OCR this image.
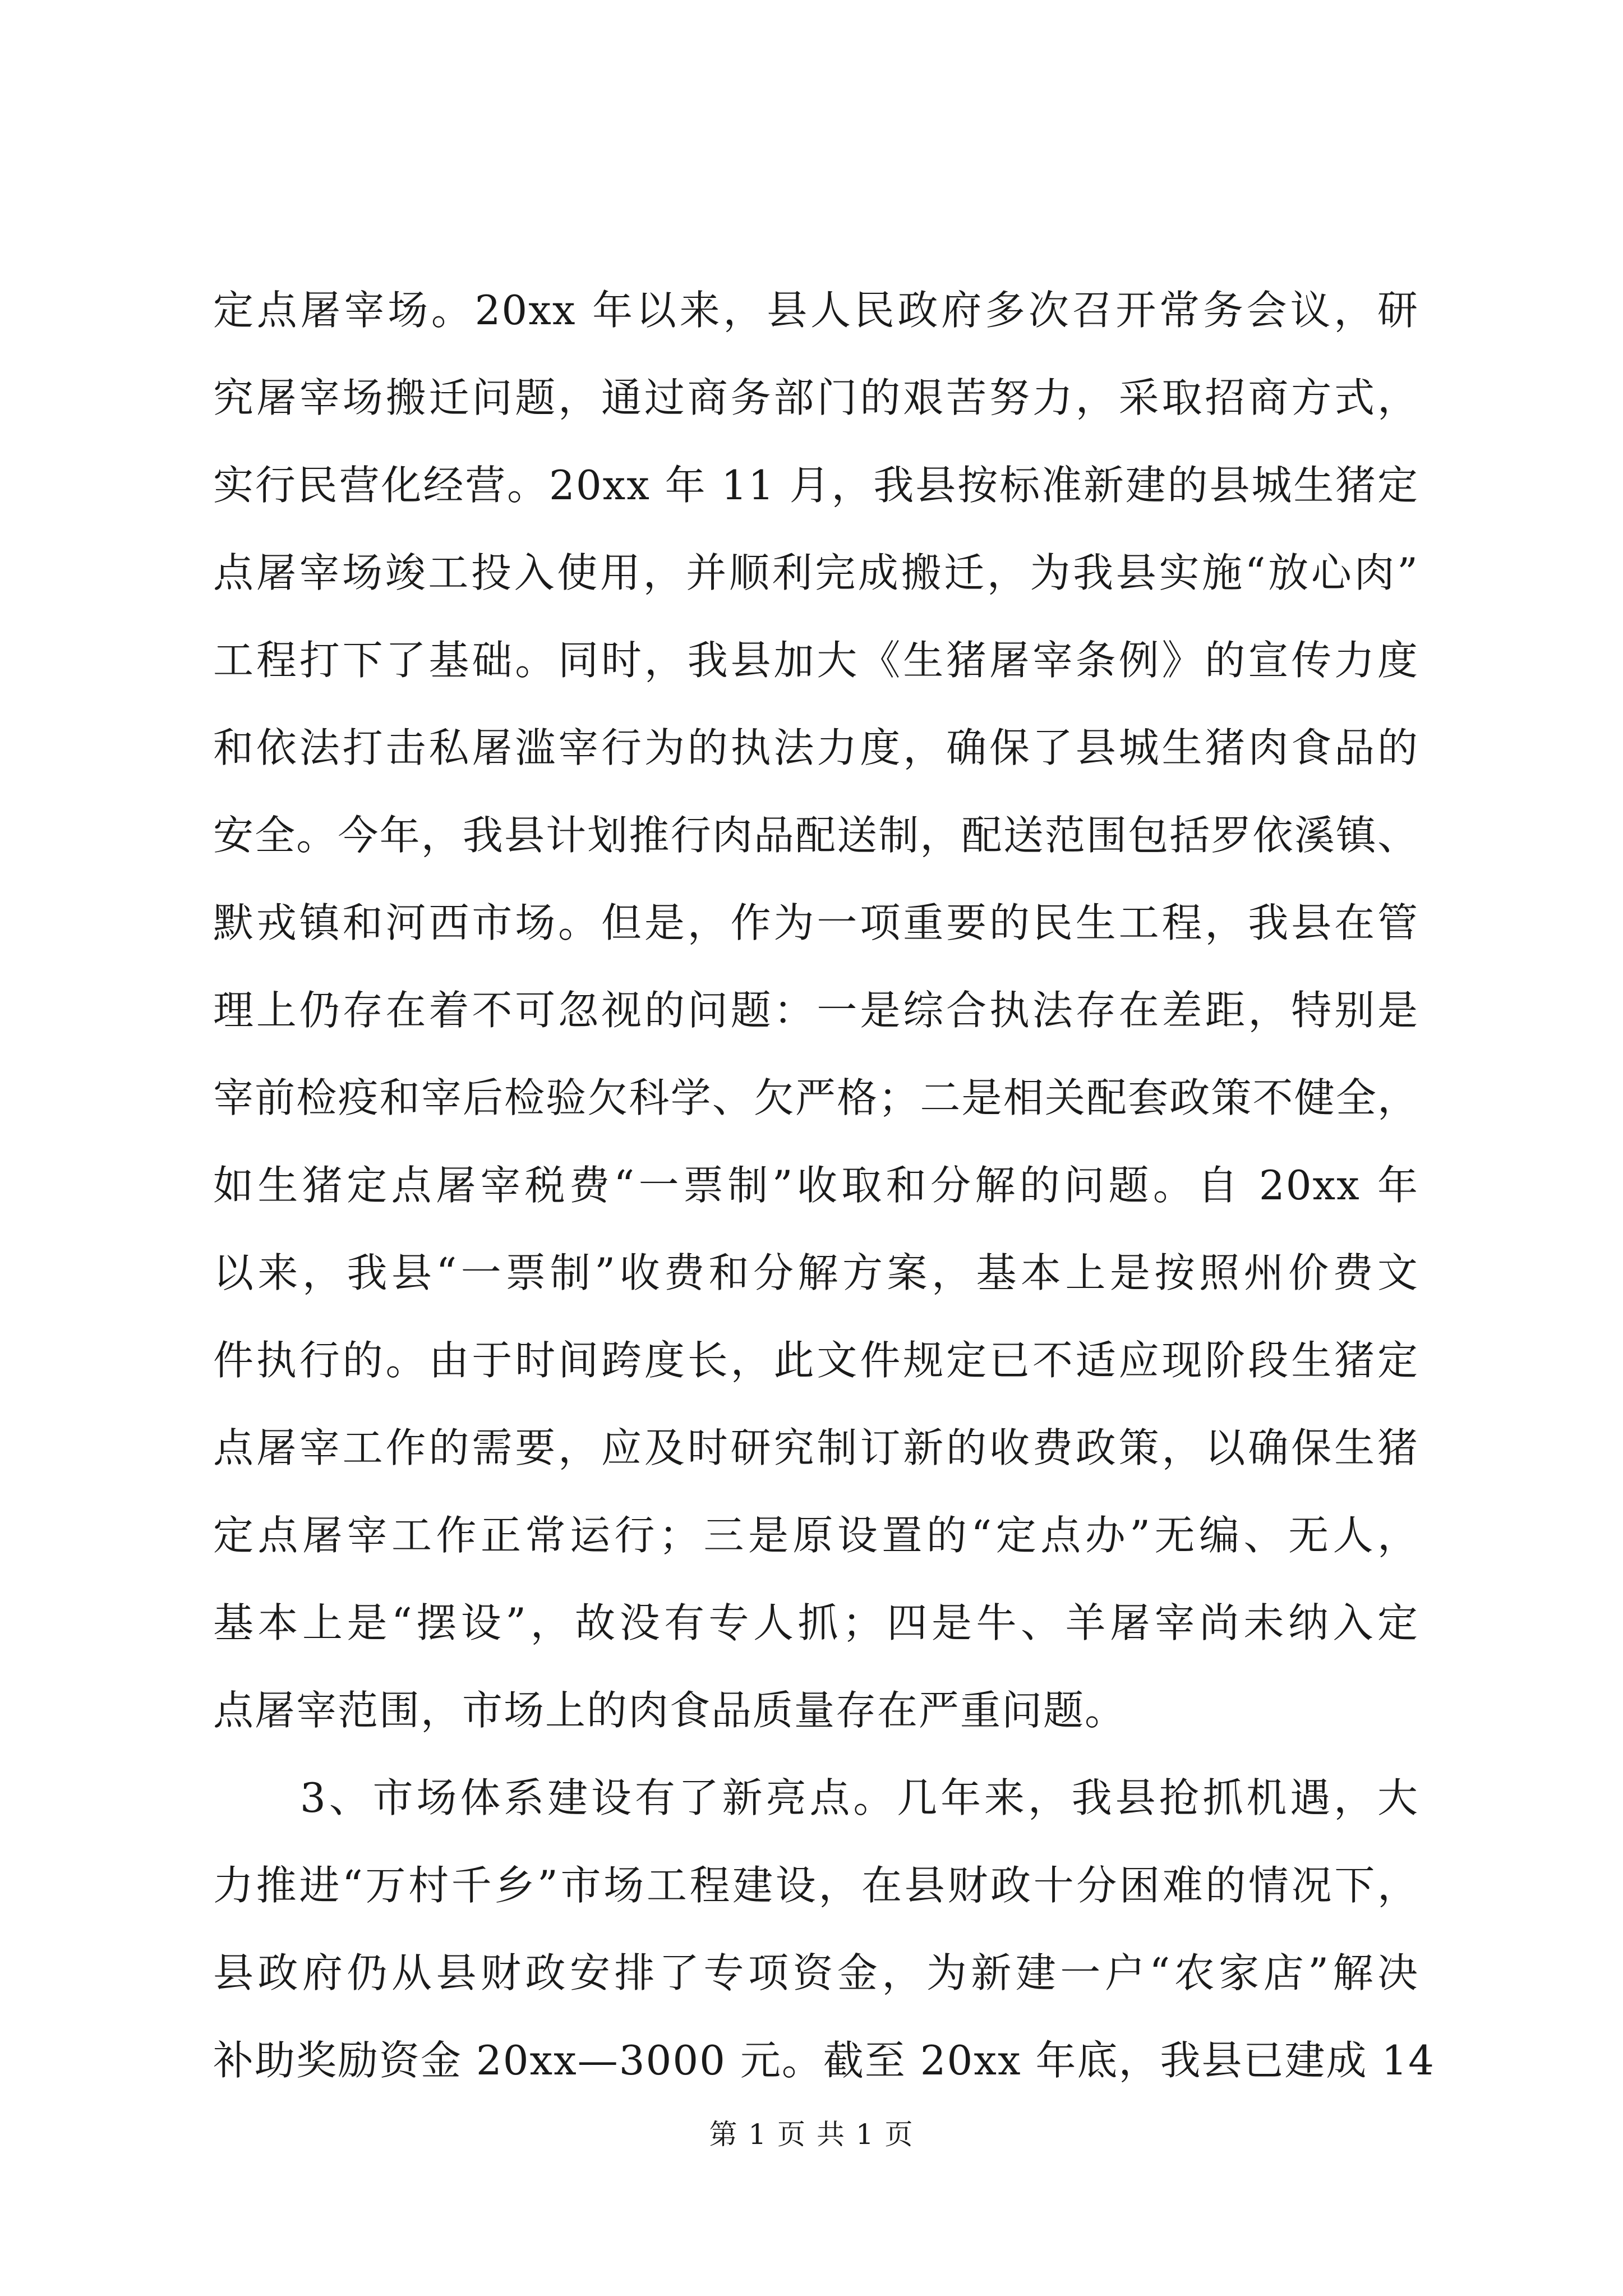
定点屠宰场。20xx 年以来，县人民政府多次召开常务会议，研
究屠宰场搬迁问题，通过商务部门的艰苦努力，采取招商方式，
实行民营化经营。20xx 年 11 月，我县按标准新建的县城生猪定
点屠宰场竣工投入使用，并顺利完成搬迁，为我县实施“放心肉”
工程打下了基础。同时，我县加大《生猪屠宰条例》的宣传力度
和依法打击私屠滥宰行为的执法力度，确保了县城生猪肉食品的
安全。今年，我县计划推行肉品配送制，配送范围包括罗依溪镇、
默戎镇和河西市场。但是，作为一项重要的民生工程，我县在管
理上仍存在着不可忽视的问题：一是综合执法存在差距，特别是
宰前检疫和宰后检验欠科学、欠严格；二是相关配套政策不健全，
如生猪定点屠宰税费“一票制”收取和分解的问题。自 20xx 年
以来，我县“一票制”收费和分解方案，基本上是按照州价费文
件执行的。由于时间跨度长，此文件规定已不适应现阶段生猪定
点屠宰工作的需要，应及时研究制订新的收费政策，以确保生猪
定点屠宰工作正常运行；三是原设置的“定点办”无编、无人，
基本上是“摆设”，故没有专人抓；四是牛、羊屠宰尚未纳入定
点屠宰范围，市场上的肉食品质量存在严重问题。
3、市场体系建设有了新亮点。几年来，我县抢抓机遇，大
力推进“万村千乡”市场工程建设，在县财政十分困难的情况下，
县政府仍从县财政安排了专项资金，为新建一户“农家店”解决
补助奖励资金 20xx—3000 元。截至 20xx 年底，我县已建成 14
第 1 页 共 1 页
